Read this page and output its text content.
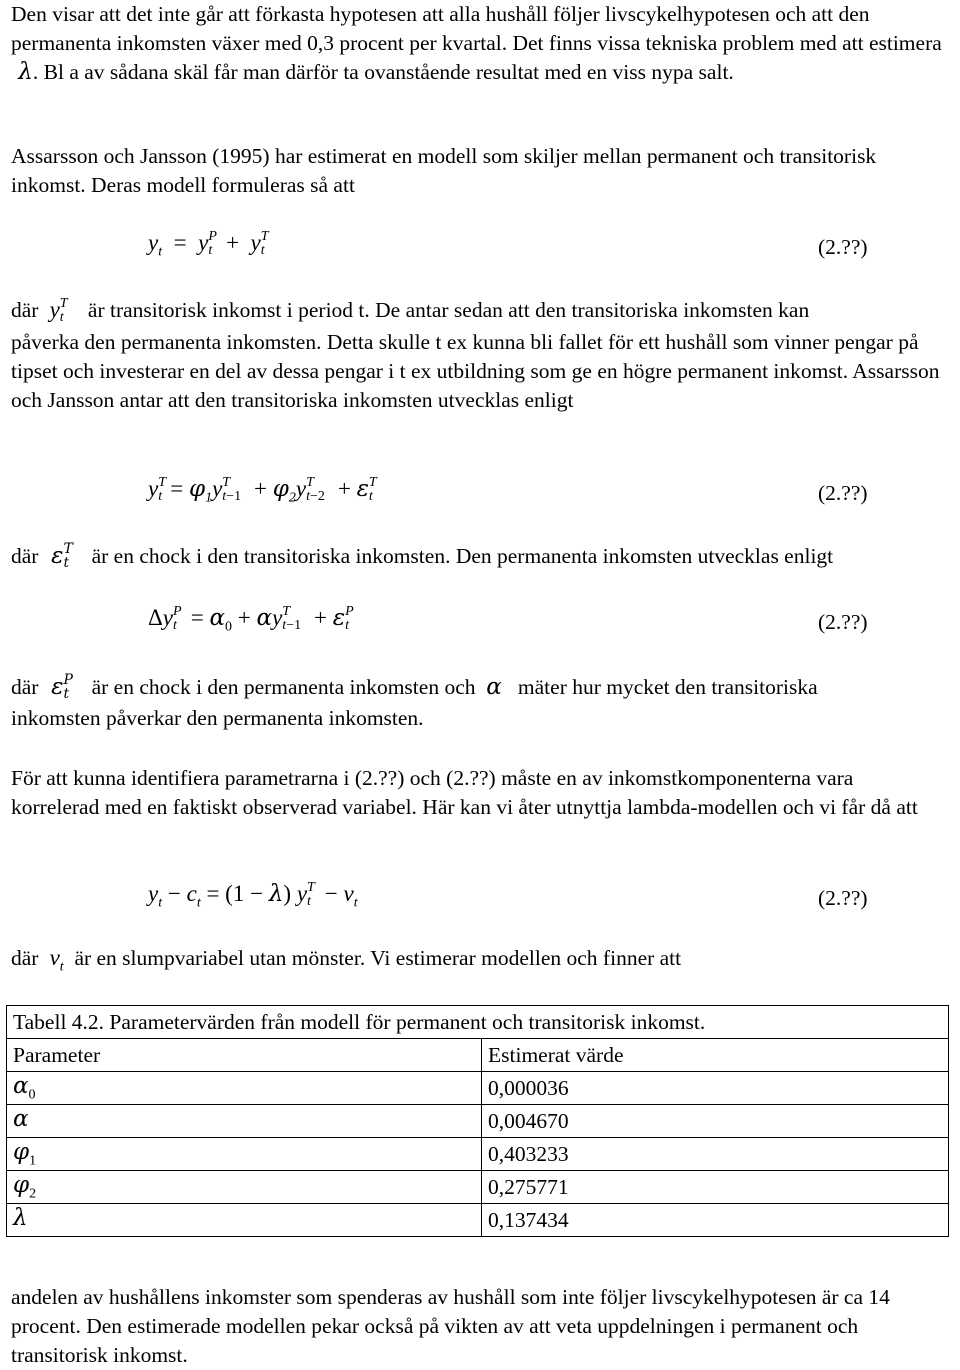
Den visar att det inte går att förkasta hypotesen att alla hushåll följer livscykelhypotesen och att den permanenta inkomsten växer med 0,3 procent per kvartal. Det finns vissa tekniska problem med att estimera  λ. Bl a av sådana skäl får man därför ta ovanstående resultat med en viss nypa salt.
Assarsson och Jansson (1995) har estimerat en modell som skiljer mellan permanent och transitorisk inkomst. Deras modell formuleras så att
$y_t = y$ P
t +  y T
t	(2.??)
där  y T
t är transitorisk inkomst i period t. De antar sedan att den transitoriska inkomsten kan
påverka den permanenta inkomsten. Detta skulle t ex kunna bli fallet för ett hushåll som vinner pengar på tipset och investerar en del av dessa pengar i t ex utbildning som ge en högre permanent inkomst. Assarsson och Jansson antar att den transitoriska inkomsten utvecklas enligt
y T
$t = \varphi_1y$ T
$t-1 + \varphi_2y$ T
t−2 + ε T
t	(2.??)
där  ε T
t är en chock i den transitoriska inkomsten. Den permanenta inkomsten utvecklas enligt
Δy P
$t = \alpha_0 + \alpha y$ T
t−1 + ε P
t	(2.??)
där  ε P
t är en chock i den permanenta inkomsten och α mäter hur mycket den transitoriska
inkomsten påverkar den permanenta inkomsten.
För att kunna identifiera parametrarna i (2.??) och (2.??) måste en av inkomstkomponenterna vara korrelerad med en faktiskt observerad variabel. Här kan vi åter utnyttja lambda-modellen och vi får då att
$y_t - c_t = (1 - \lambda)$ y T
$t - v_t$	(2.??)
där  $v_t$ är en slumpvariabel utan mönster. Vi estimerar modellen och finner att
Tabell 4.2. Parametervärden från modell för permanent och transitorisk inkomst.	
Parameter	Estimerat värde
$\alpha_0$	0,000036
α	0,004670
$\varphi_1$	0,403233
$\varphi_2$	0,275771
λ	0,137434
andelen av hushållens inkomster som spenderas av hushåll som inte följer livscykelhypotesen är ca 14 procent. Den estimerade modellen pekar också på vikten av att veta uppdelningen i permanent och transitorisk inkomst.
